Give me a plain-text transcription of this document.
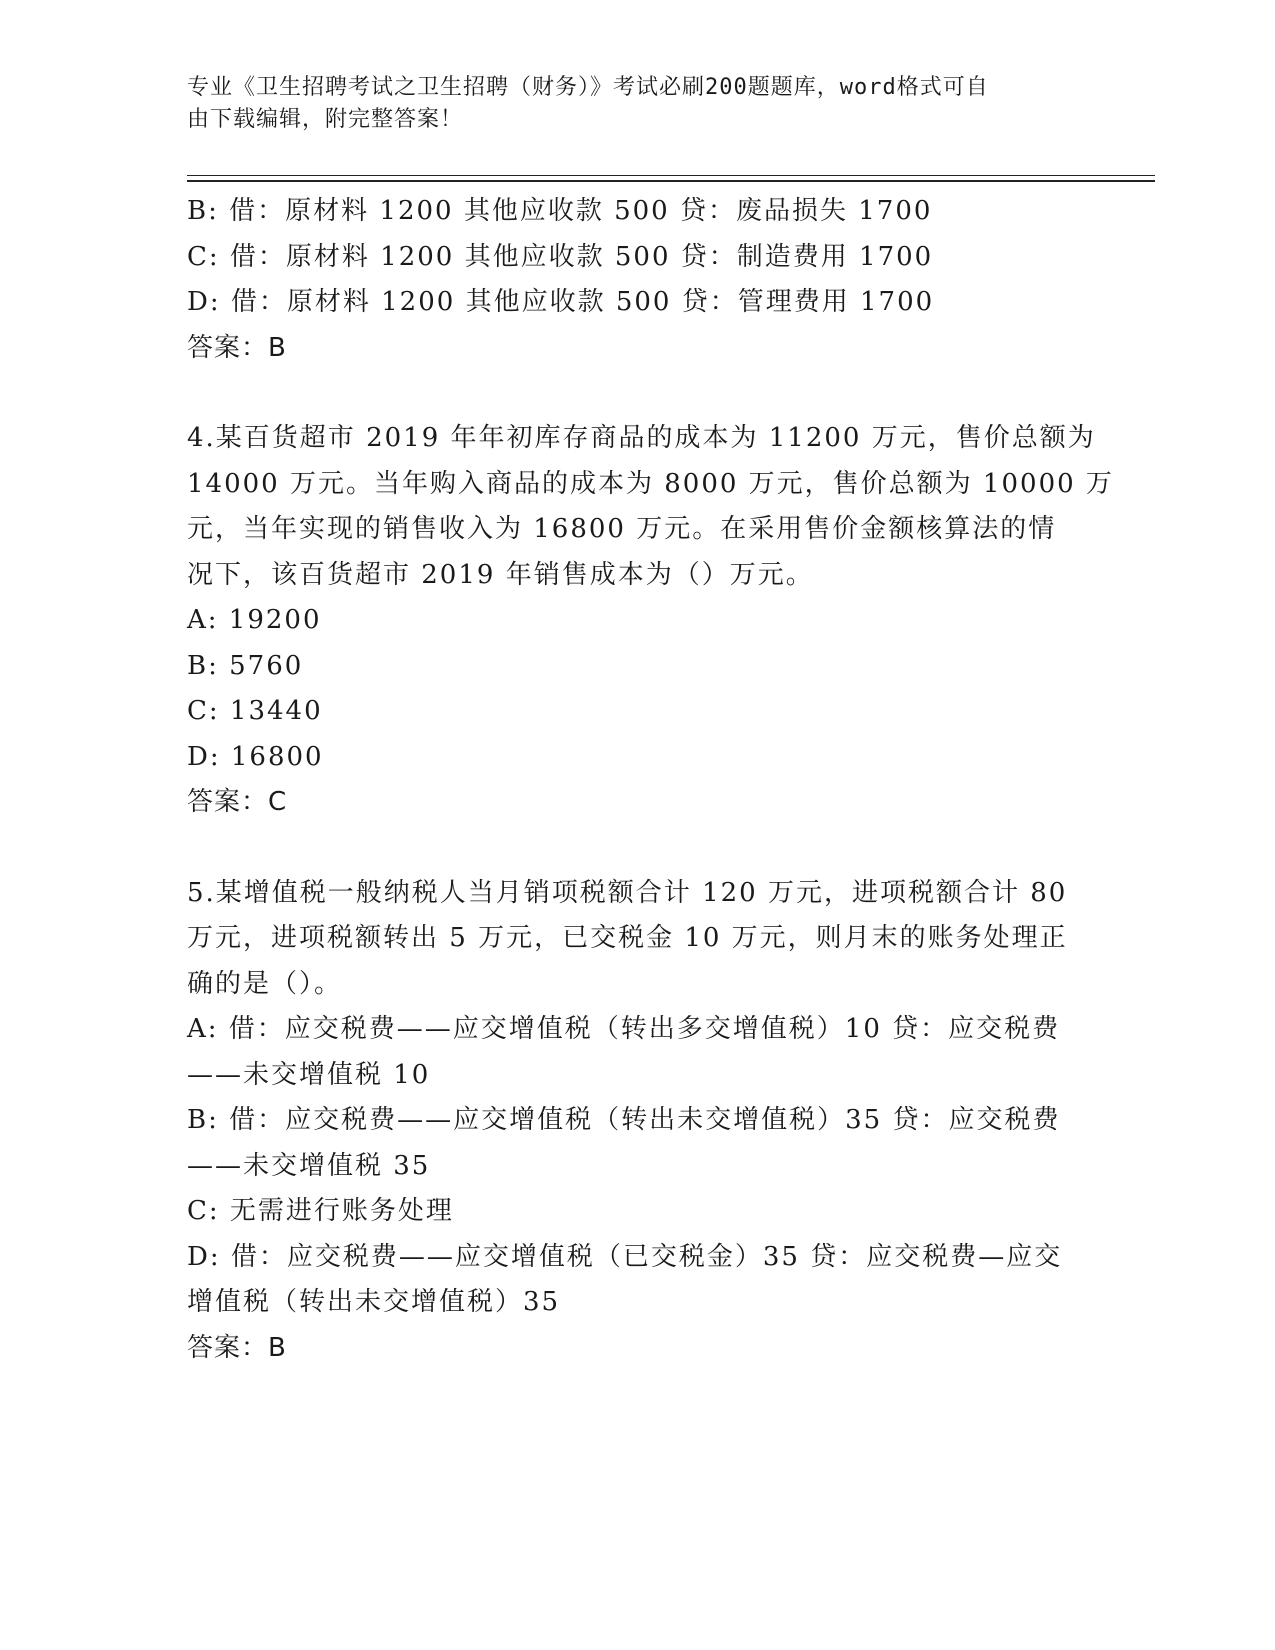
专业《卫生招聘考试之卫生招聘（财务）》考试必刷200题题库，word格式可自
由下载编辑，附完整答案！
B: 借：原材料 1200 其他应收款 500 贷：废品损失 1700
C: 借：原材料 1200 其他应收款 500 贷：制造费用 1700
D: 借：原材料 1200 其他应收款 500 贷：管理费用 1700
答案：B
4.某百货超市 2019 年年初库存商品的成本为 11200 万元，售价总额为
14000 万元。当年购入商品的成本为 8000 万元，售价总额为 10000 万
元，当年实现的销售收入为 16800 万元。在采用售价金额核算法的情
况下，该百货超市 2019 年销售成本为（）万元。
A: 19200
B: 5760
C: 13440
D: 16800
答案：C
5.某增值税一般纳税人当月销项税额合计 120 万元，进项税额合计 80
万元，进项税额转出 5 万元，已交税金 10 万元，则月末的账务处理正
确的是（）。
A: 借：应交税费——应交增值税（转出多交增值税）10 贷：应交税费
——未交增值税 10
B: 借：应交税费——应交增值税（转出未交增值税）35 贷：应交税费
——未交增值税 35
C: 无需进行账务处理
D: 借：应交税费——应交增值税（已交税金）35 贷：应交税费—应交
增值税（转出未交增值税）35
答案：B
